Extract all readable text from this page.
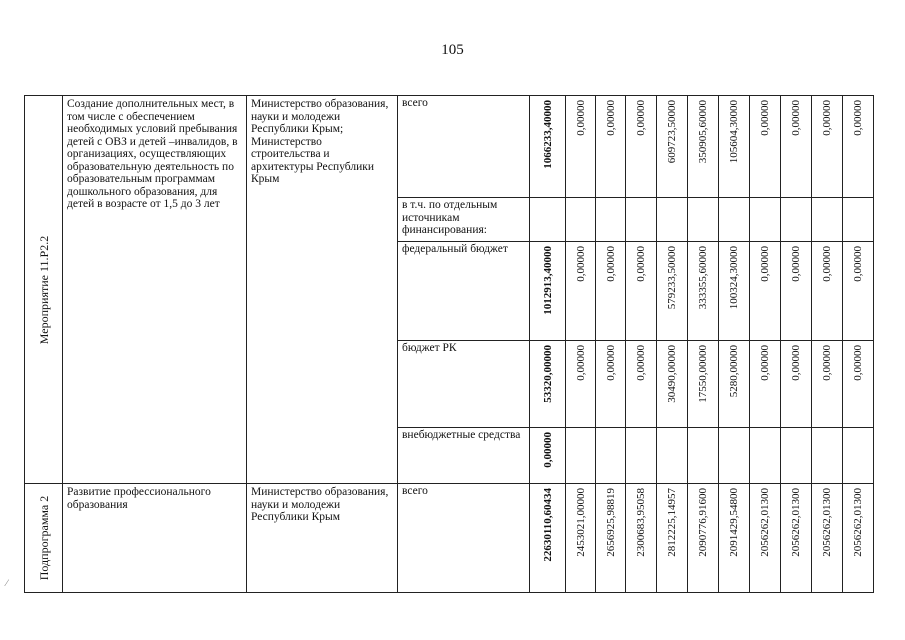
105
⁄
Мероприятие 11.Р2.2	Создание дополнительных мест, в том числе с обеспечением необходимых условий пребывания детей с ОВЗ и детей –инвалидов, в организациях, осуществляющих образовательную деятельность по образовательным программам дошкольного образования, для детей в возрасте от 1,5 до 3 лет	Министерство образования, науки и молодежи Республики Крым; Министерство строительства и архитектуры Республики Крым	всего	1066233,40000	0,00000	0,00000	0,00000	609723,50000	350905,60000	105604,30000	0,00000	0,00000	0,00000	0,00000

			в т.ч. по отдельным источникам финансирования:	

			федеральный бюджет	1012913,40000	0,00000	0,00000	0,00000	579233,50000	333355,60000	100324,30000	0,00000	0,00000	0,00000	0,00000

			бюджет РК	53320,00000	0,00000	0,00000	0,00000	30490,00000	17550,00000	5280,00000	0,00000	0,00000	0,00000	0,00000

			внебюджетные средства	0,00000										

Подпрограмма 2	Развитие профессионального образования	Министерство образования, науки и молодежи Республики Крым	всего	22630110,60434	2453021,00000	2656925,98819	2300683,95058	2812225,14957	2090776,91600	2091429,54800	2056262,01300	2056262,01300	2056262,01300	2056262,01300
